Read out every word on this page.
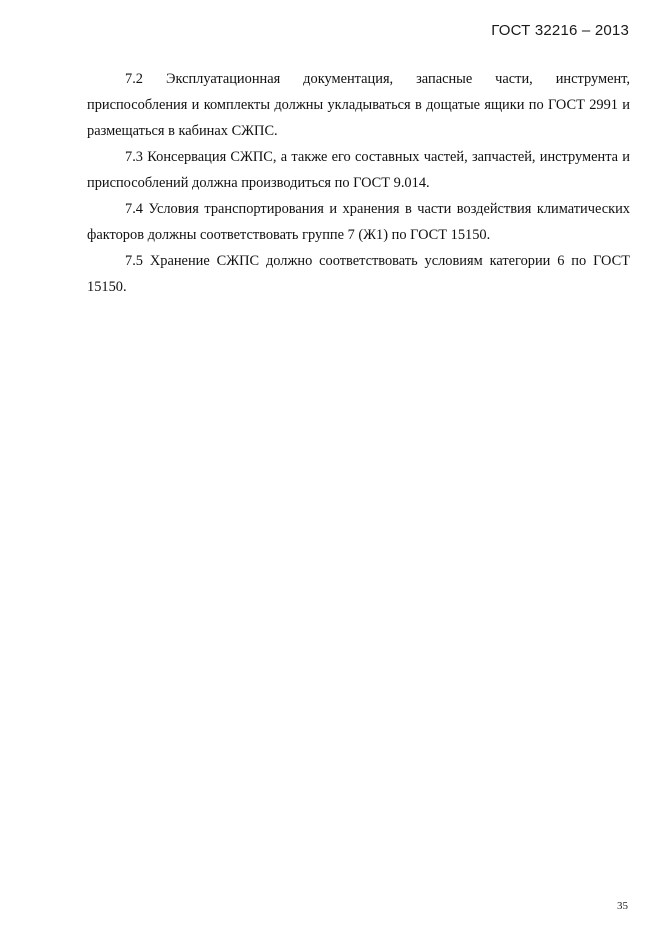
ГОСТ 32216 – 2013

7.2 Эксплуатационная документация, запасные части, инструмент, приспособления и комплекты должны укладываться в дощатые ящики по ГОСТ 2991 и размещаться в кабинах СЖПС.

7.3 Консервация СЖПС, а также его составных частей, запчастей, инструмента и приспособлений должна производиться по ГОСТ 9.014.

7.4 Условия транспортирования и хранения в части воздействия климатических факторов должны соответствовать группе 7 (Ж1) по ГОСТ 15150.

7.5 Хранение СЖПС должно соответствовать условиям категории 6 по ГОСТ 15150.

35
